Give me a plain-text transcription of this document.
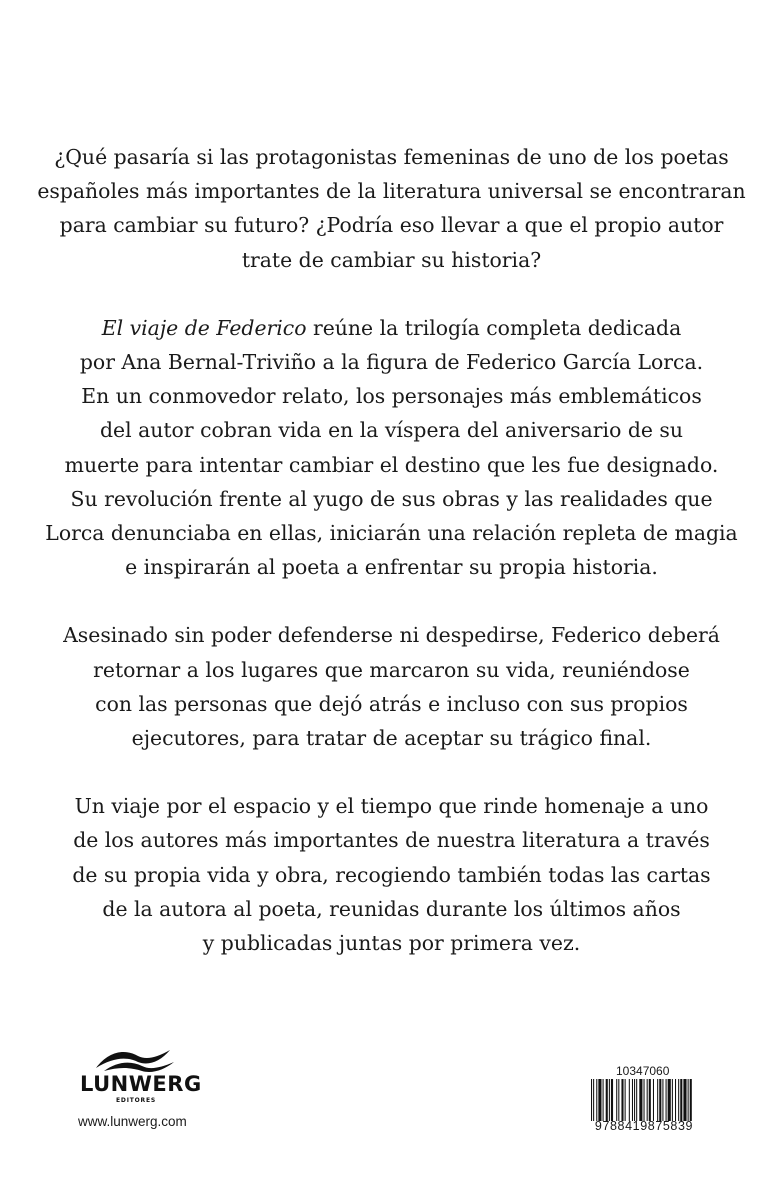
¿Qué pasaría si las protagonistas femeninas de uno de los poetas
españoles más importantes de la literatura universal se encontraran
para cambiar su futuro? ¿Podría eso llevar a que el propio autor
trate de cambiar su historia?

El viaje de Federico reúne la trilogía completa dedicada
por Ana Bernal-Triviño a la figura de Federico García Lorca.
En un conmovedor relato, los personajes más emblemáticos
del autor cobran vida en la víspera del aniversario de su
muerte para intentar cambiar el destino que les fue designado.
Su revolución frente al yugo de sus obras y las realidades que
Lorca denunciaba en ellas, iniciarán una relación repleta de magia
e inspirarán al poeta a enfrentar su propia historia.

Asesinado sin poder defenderse ni despedirse, Federico deberá
retornar a los lugares que marcaron su vida, reuniéndose
con las personas que dejó atrás e incluso con sus propios
ejecutores, para tratar de aceptar su trágico final.

Un viaje por el espacio y el tiempo que rinde homenaje a uno
de los autores más importantes de nuestra literatura a través
de su propia vida y obra, recogiendo también todas las cartas
de la autora al poeta, reunidas durante los últimos años
y publicadas juntas por primera vez.

LUNWERG
EDITORES
www.lunwerg.com
10347060
9788419875839
